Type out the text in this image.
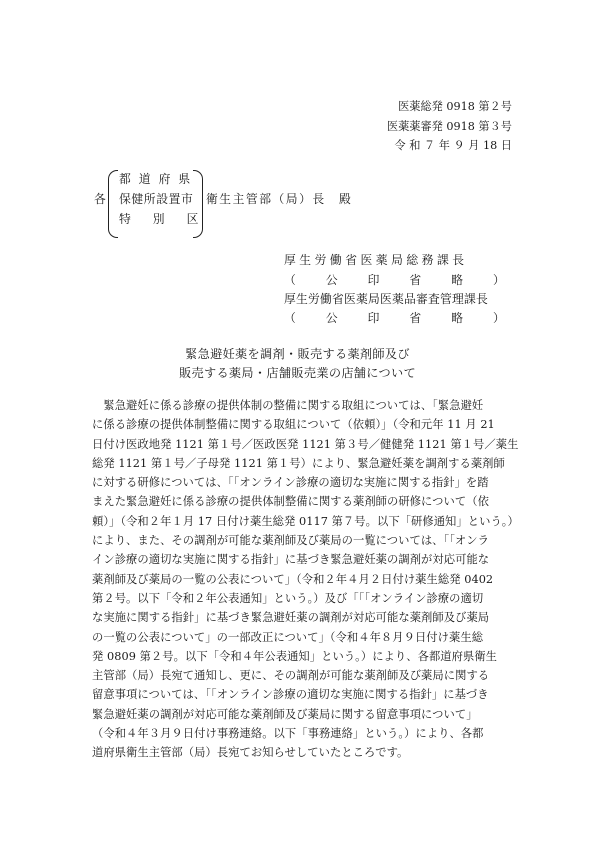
医薬総発 0918 第２号
医薬薬審発 0918 第３号
令 和 ７ 年 ９ 月 18 日
各
都道府県
保健所設置市
特別区
衛生主管部（局）長　殿
厚生労働省医薬局総務課長
（公印省略）
厚生労働省医薬局医薬品審査管理課長
（公印省略）
緊急避妊薬を調剤・販売する薬剤師及び
販売する薬局・店舗販売業の店舗について
　緊急避妊に係る診療の提供体制の整備に関する取組については、「緊急避妊
に係る診療の提供体制整備に関する取組について（依頼）」（令和元年 11 月 21
日付け医政地発 1121 第１号／医政医発 1121 第３号／健健発 1121 第１号／薬生
総発 1121 第１号／子母発 1121 第１号）により、緊急避妊薬を調剤する薬剤師
に対する研修については、「「オンライン診療の適切な実施に関する指針」を踏
まえた緊急避妊に係る診療の提供体制整備に関する薬剤師の研修について（依
頼）」（令和２年１月 17 日付け薬生総発 0117 第７号。以下「研修通知」という。）
により、また、その調剤が可能な薬剤師及び薬局の一覧については、「「オンラ
イン診療の適切な実施に関する指針」に基づき緊急避妊薬の調剤が対応可能な
薬剤師及び薬局の一覧の公表について」（令和２年４月２日付け薬生総発 0402
第２号。以下「令和２年公表通知」という。）及び「「「オンライン診療の適切
な実施に関する指針」に基づき緊急避妊薬の調剤が対応可能な薬剤師及び薬局
の一覧の公表について」の一部改正について」（令和４年８月９日付け薬生総
発 0809 第２号。以下「令和４年公表通知」という。）により、各都道府県衛生
主管部（局）長宛て通知し、更に、その調剤が可能な薬剤師及び薬局に関する
留意事項については、「「オンライン診療の適切な実施に関する指針」に基づき
緊急避妊薬の調剤が対応可能な薬剤師及び薬局に関する留意事項について」
（令和４年３月９日付け事務連絡。以下「事務連絡」という。）により、各都
道府県衛生主管部（局）長宛てお知らせしていたところです。
